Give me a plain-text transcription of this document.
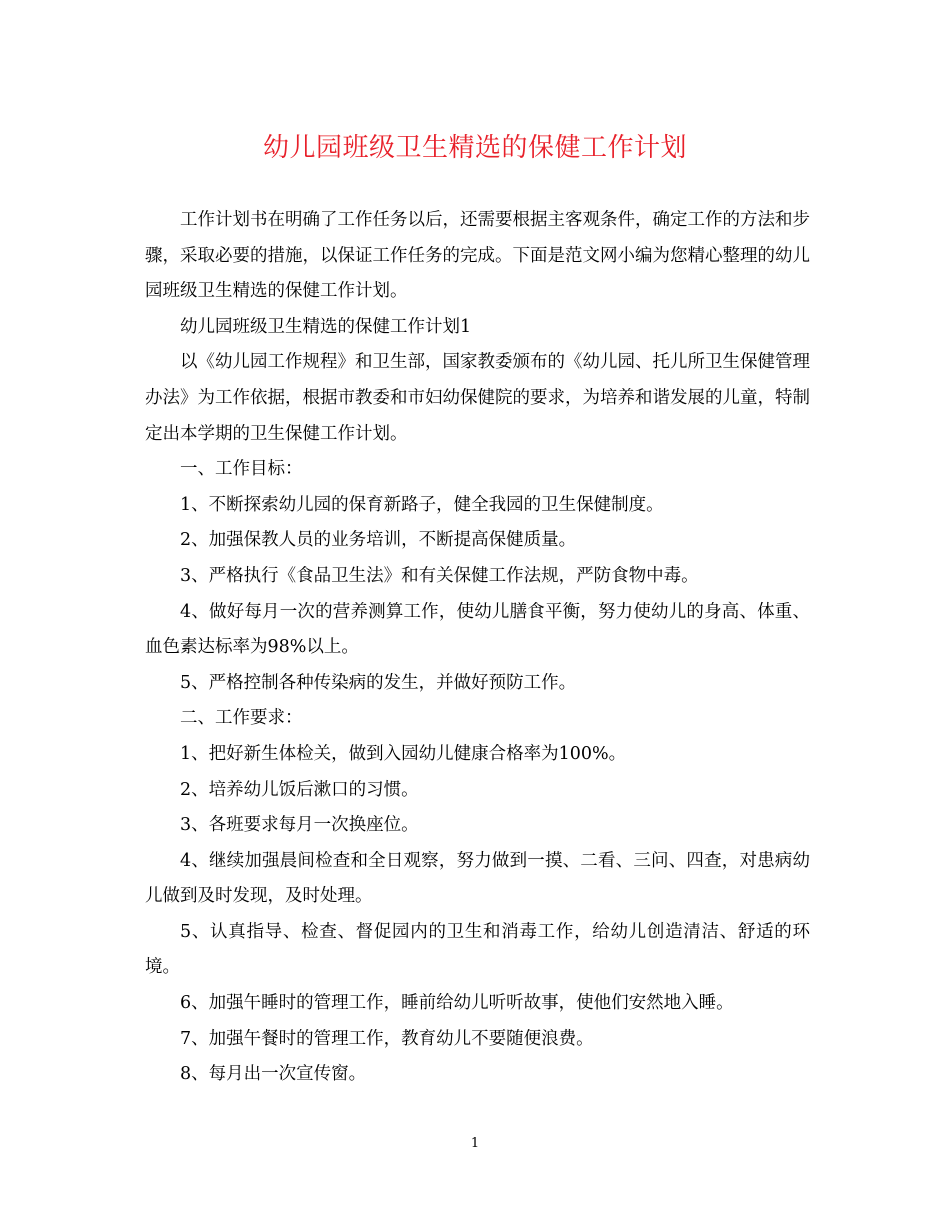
幼儿园班级卫生精选的保健工作计划

工作计划书在明确了工作任务以后，还需要根据主客观条件，确定工作的方法和步骤，采取必要的措施，以保证工作任务的完成。下面是范文网小编为您精心整理的幼儿园班级卫生精选的保健工作计划。

幼儿园班级卫生精选的保健工作计划1

以《幼儿园工作规程》和卫生部，国家教委颁布的《幼儿园、托儿所卫生保健管理办法》为工作依据，根据市教委和市妇幼保健院的要求，为培养和谐发展的儿童，特制定出本学期的卫生保健工作计划。

一、工作目标：

1、不断探索幼儿园的保育新路子，健全我园的卫生保健制度。

2、加强保教人员的业务培训，不断提高保健质量。

3、严格执行《食品卫生法》和有关保健工作法规，严防食物中毒。

4、做好每月一次的营养测算工作，使幼儿膳食平衡，努力使幼儿的身高、体重、血色素达标率为98%以上。

5、严格控制各种传染病的发生，并做好预防工作。

二、工作要求：

1、把好新生体检关，做到入园幼儿健康合格率为100%。

2、培养幼儿饭后漱口的习惯。

3、各班要求每月一次换座位。

4、继续加强晨间检查和全日观察，努力做到一摸、二看、三问、四查，对患病幼儿做到及时发现，及时处理。

5、认真指导、检查、督促园内的卫生和消毒工作，给幼儿创造清洁、舒适的环境。

6、加强午睡时的管理工作，睡前给幼儿听听故事，使他们安然地入睡。

7、加强午餐时的管理工作，教育幼儿不要随便浪费。

8、每月出一次宣传窗。

1
